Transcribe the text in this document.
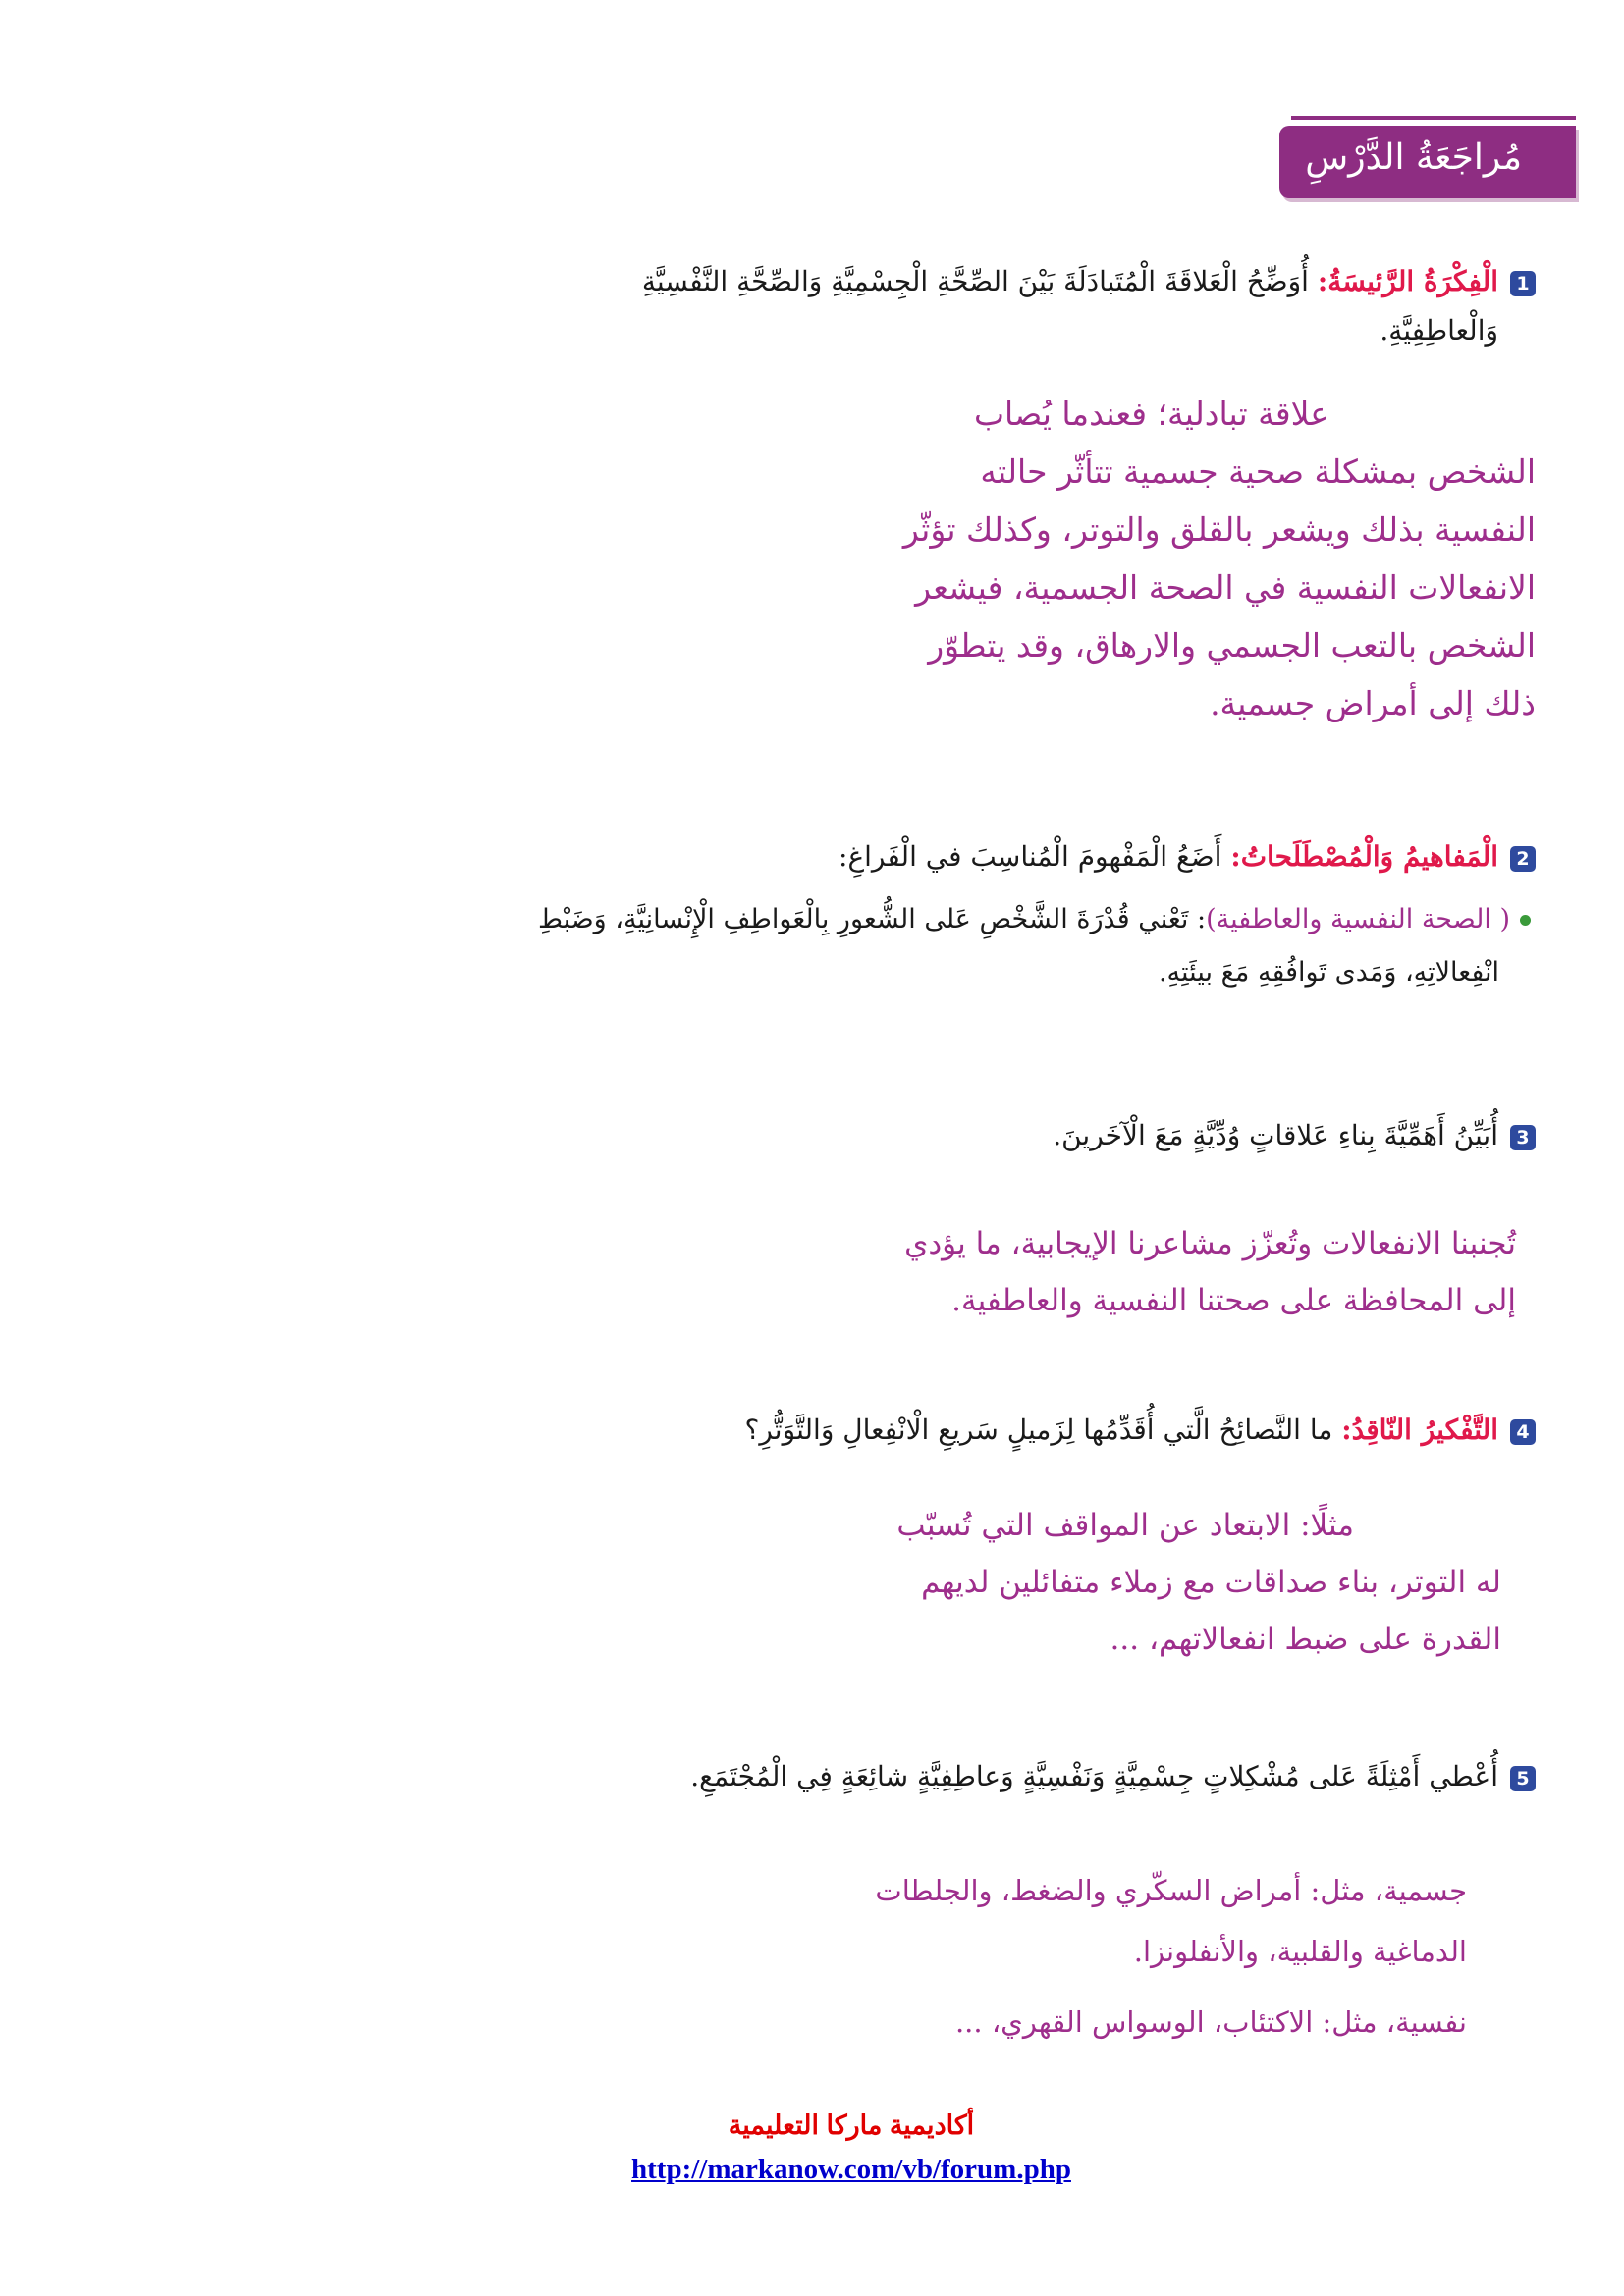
مُراجَعَةُ الدَّرْسِ
1الْفِكْرَةُ الرَّئيسَةُ: أُوَضِّحُ الْعَلاقَةَ الْمُتَبادَلَةَ بَيْنَ الصِّحَّةِ الْجِسْمِيَّةِ وَالصِّحَّةِ النَّفْسِيَّةِ
وَالْعاطِفِيَّةِ.
علاقة تبادلية؛ فعندما يُصاب
الشخص بمشكلة صحية جسمية تتأثّر حالته
النفسية بذلك ويشعر بالقلق والتوتر، وكذلك تؤثّر
الانفعالات النفسية في الصحة الجسمية، فيشعر
الشخص بالتعب الجسمي والارهاق، وقد يتطوّر
ذلك إلى أمراض جسمية.
2الْمَفاهيمُ وَالْمُصْطَلَحاتُ: أَضَعُ الْمَفْهومَ الْمُناسِبَ في الْفَراغِ:
( الصحة النفسية والعاطفية): تَعْني قُدْرَةَ الشَّخْصِ عَلى الشُّعورِ بِالْعَواطِفِ الْإِنْسانِيَّةِ، وَضَبْطِ
انْفِعالاتِهِ، وَمَدى تَوافُقِهِ مَعَ بيئَتِهِ.
3أُبَيِّنُ أَهَمِّيَّةَ بِناءِ عَلاقاتٍ وُدِّيَّةٍ مَعَ الْآخَرينَ.
تُجنبنا الانفعالات وتُعزّز مشاعرنا الإيجابية، ما يؤدي
إلى المحافظة على صحتنا النفسية والعاطفية.
4التَّفْكيرُ النّاقِدُ: ما النَّصائِحُ الَّتي أُقَدِّمُها لِزَميلٍ سَريعِ الْانْفِعالِ وَالتَّوَتُّرِ؟
مثلًا: الابتعاد عن المواقف التي تُسبّب
له التوتر، بناء صداقات مع زملاء متفائلين لديهم
القدرة على ضبط انفعالاتهم، ...
5أُعْطي أَمْثِلَةً عَلى مُشْكِلاتٍ جِسْمِيَّةٍ وَنَفْسِيَّةٍ وَعاطِفِيَّةٍ شائِعَةٍ فِي الْمُجْتَمَعِ.
جسمية، مثل: أمراض السكّري والضغط، والجلطات
الدماغية والقلبية، والأنفلونزا.
نفسية، مثل: الاكتئاب، الوسواس القهري، ...
أكاديمية ماركا التعليمية
http://markanow.com/vb/forum.php
